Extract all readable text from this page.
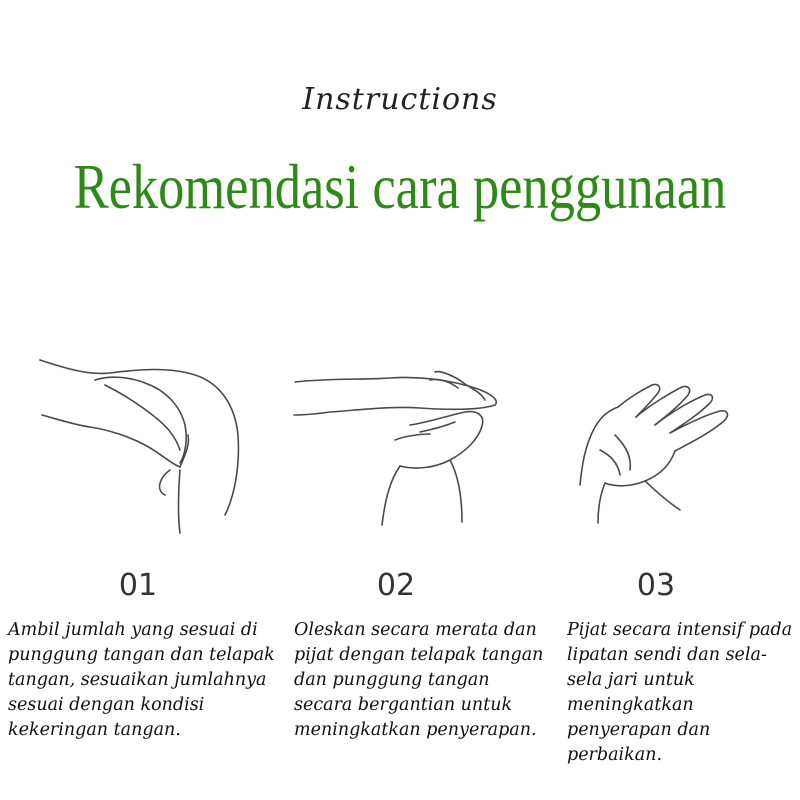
Instructions
Rekomendasi cara penggunaan
01	02	03
Ambil jumlah yang sesuai di punggung tangan dan telapak tangan, sesuaikan jumlahnya sesuai dengan kondisi kekeringan tangan.
Oleskan secara merata dan pijat dengan telapak tangan dan punggung tangan secara bergantian untuk meningkatkan penyerapan.
Pijat secara intensif pada lipatan sendi dan sela-sela jari untuk meningkatkan penyerapan dan perbaikan.
